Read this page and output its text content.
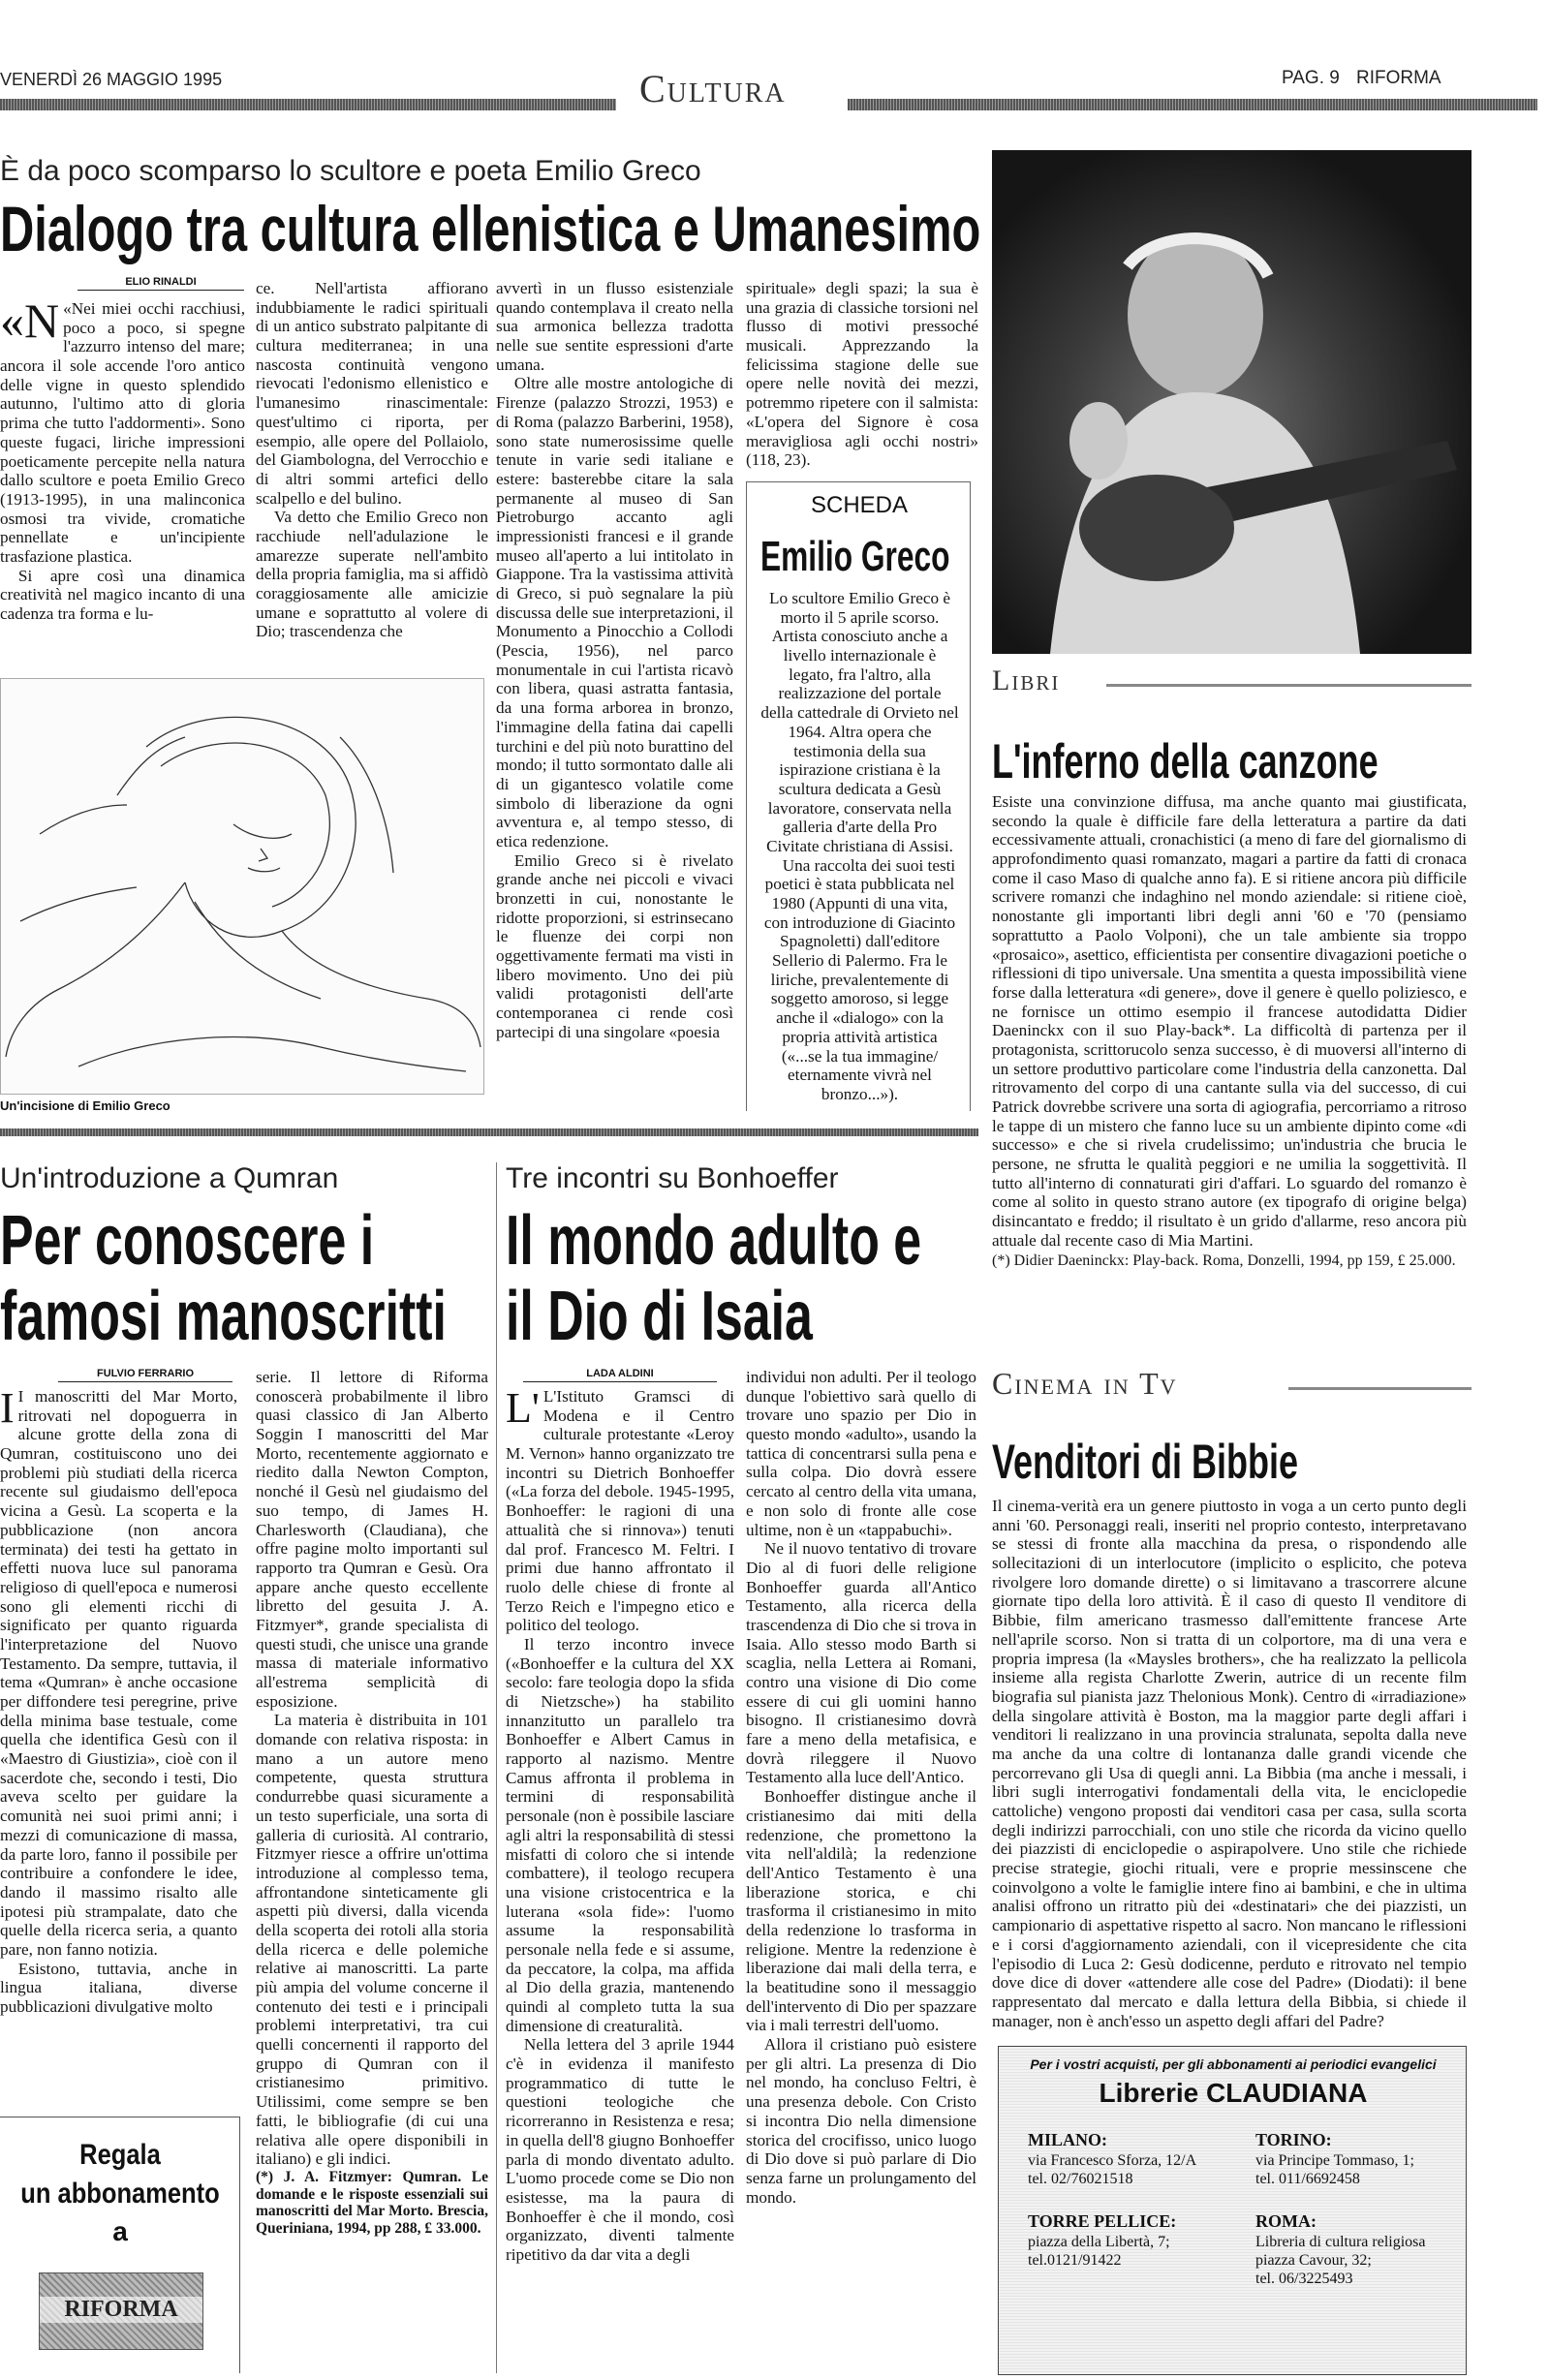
VENERDÌ 26 MAGGIO 1995	Cultura	PAG. 9 RIFORMA
È da poco scomparso lo scultore e poeta Emilio Greco
Dialogo tra cultura ellenistica e Umanesimo
ELIO RINALDI

«N «Nei miei occhi racchiusi, poco a poco, si spegne l'azzurro intenso del mare; ancora il sole accende l'oro antico delle vigne in questo splendido autunno, l'ultimo atto di gloria prima che tutto l'addormenti». Sono queste fugaci, liriche impressioni poeticamente percepite nella natura dallo scultore e poeta Emilio Greco (1913-1995), in una malinconica osmosi tra vivide, cromatiche pennellate e un'incipiente trasfazione plastica.

Si apre così una dinamica creatività nel magico incanto di una cadenza tra forma e lu-

ce. Nell'artista affiorano indubbiamente le radici spirituali di un antico substrato palpitante di cultura mediterranea; in una nascosta continuità vengono rievocati l'edonismo ellenistico e l'umanesimo rinascimentale: quest'ultimo ci riporta, per esempio, alle opere del Pollaiolo, del Giambologna, del Verrocchio e di altri sommi artefici dello scalpello e del bulino.

Va detto che Emilio Greco non racchiude nell'adulazione le amarezze superate nell'ambito della propria famiglia, ma si affidò coraggiosamente alle amicizie umane e soprattutto al volere di Dio; trascendenza che

avvertì in un flusso esistenziale quando contemplava il creato nella sua armonica bellezza tradotta nelle sue sentite espressioni d'arte umana.

Oltre alle mostre antologiche di Firenze (palazzo Strozzi, 1953) e di Roma (palazzo Barberini, 1958), sono state numerosissime quelle tenute in varie sedi italiane e estere: basterebbe citare la sala permanente al museo di San Pietroburgo accanto agli impressionisti francesi e il grande museo all'aperto a lui intitolato in Giappone. Tra la vastissima attività di Greco, si può segnalare la più discussa delle sue interpretazioni, il Monumento a Pinocchio a Collodi (Pescia, 1956), nel parco monumentale in cui l'artista ricavò con libera, quasi astratta fantasia, da una forma arborea in bronzo, l'immagine della fatina dai capelli turchini e del più noto burattino del mondo; il tutto sormontato dalle ali di un gigantesco volatile come simbolo di liberazione da ogni avventura e, al tempo stesso, di etica redenzione.

Emilio Greco si è rivelato grande anche nei piccoli e vivaci bronzetti in cui, nonostante le ridotte proporzioni, si estrinsecano le fluenze dei corpi non oggettivamente fermati ma visti in libero movimento. Uno dei più validi protagonisti dell'arte contemporanea ci rende così partecipi di una singolare «poesia

spirituale» degli spazi; la sua è una grazia di classiche torsioni nel flusso di motivi pressoché musicali. Apprezzando la felicissima stagione delle sue opere nelle novità dei mezzi, potremmo ripetere con il salmista: «L'opera del Signore è cosa meravigliosa agli occhi nostri» (118, 23).

Un'incisione di Emilio Greco
SCHEDA
Emilio Greco

Lo scultore Emilio Greco è morto il 5 aprile scorso. Artista conosciuto anche a livello internazionale è legato, fra l'altro, alla realizzazione del portale della cattedrale di Orvieto nel 1964. Altra opera che testimonia della sua ispirazione cristiana è la scultura dedicata a Gesù lavoratore, conservata nella galleria d'arte della Pro Civitate christiana di Assisi.

Una raccolta dei suoi testi poetici è stata pubblicata nel 1980 (Appunti di una vita, con introduzione di Giacinto Spagnoletti) dall'editore Sellerio di Palermo. Fra le liriche, prevalentemente di soggetto amoroso, si legge anche il «dialogo» con la propria attività artistica («...se la tua immagine/ eternamente vivrà nel bronzo...»).

Libri
L'inferno della canzone

Esiste una convinzione diffusa, ma anche quanto mai giustificata, secondo la quale è difficile fare della letteratura a partire da dati eccessivamente attuali, cronachistici (a meno di fare del giornalismo di approfondimento quasi romanzato, magari a partire da fatti di cronaca come il caso Maso di qualche anno fa). E si ritiene ancora più difficile scrivere romanzi che indaghino nel mondo aziendale: si ritiene cioè, nonostante gli importanti libri degli anni '60 e '70 (pensiamo soprattutto a Paolo Volponi), che un tale ambiente sia troppo «prosaico», asettico, efficientista per consentire divagazioni poetiche o riflessioni di tipo universale. Una smentita a questa impossibilità viene forse dalla letteratura «di genere», dove il genere è quello poliziesco, e ne fornisce un ottimo esempio il francese autodidatta Didier Daeninckx con il suo Play-back*. La difficoltà di partenza per il protagonista, scrittorucolo senza successo, è di muoversi all'interno di un settore produttivo particolare come l'industria della canzonetta. Dal ritrovamento del corpo di una cantante sulla via del successo, di cui Patrick dovrebbe scrivere una sorta di agiografia, percorriamo a ritroso le tappe di un mistero che fanno luce su un ambiente dipinto come «di successo» e che si rivela crudelissimo; un'industria che brucia le persone, ne sfrutta le qualità peggiori e ne umilia la soggettività. Il tutto all'interno di connaturati giri d'affari. Lo sguardo del romanzo è come al solito in questo strano autore (ex tipografo di origine belga) disincantato e freddo; il risultato è un grido d'allarme, reso ancora più attuale dal recente caso di Mia Martini.

(*) Didier Daeninckx: Play-back. Roma, Donzelli, 1994, pp 159, £ 25.000.

Un'introduzione a Qumran
Per conoscere i
famosi manoscritti
FULVIO FERRARIO

I I manoscritti del Mar Morto, ritrovati nel dopoguerra in alcune grotte della zona di Qumran, costituiscono uno dei problemi più studiati della ricerca recente sul giudaismo dell'epoca vicina a Gesù. La scoperta e la pubblicazione (non ancora terminata) dei testi ha gettato in effetti nuova luce sul panorama religioso di quell'epoca e numerosi sono gli elementi ricchi di significato per quanto riguarda l'interpretazione del Nuovo Testamento. Da sempre, tuttavia, il tema «Qumran» è anche occasione per diffondere tesi peregrine, prive della minima base testuale, come quella che identifica Gesù con il «Maestro di Giustizia», cioè con il sacerdote che, secondo i testi, Dio aveva scelto per guidare la comunità nei suoi primi anni; i mezzi di comunicazione di massa, da parte loro, fanno il possibile per contribuire a confondere le idee, dando il massimo risalto alle ipotesi più strampalate, dato che quelle della ricerca seria, a quanto pare, non fanno notizia.

Esistono, tuttavia, anche in lingua italiana, diverse pubblicazioni divulgative molto

serie. Il lettore di Riforma conoscerà probabilmente il libro quasi classico di Jan Alberto Soggin I manoscritti del Mar Morto, recentemente aggiornato e riedito dalla Newton Compton, nonché il Gesù nel giudaismo del suo tempo, di James H. Charlesworth (Claudiana), che offre pagine molto importanti sul rapporto tra Qumran e Gesù. Ora appare anche questo eccellente libretto del gesuita J. A. Fitzmyer*, grande specialista di questi studi, che unisce una grande massa di materiale informativo all'estrema semplicità di esposizione.

La materia è distribuita in 101 domande con relativa risposta: in mano a un autore meno competente, questa struttura condurrebbe quasi sicuramente a un testo superficiale, una sorta di galleria di curiosità. Al contrario, Fitzmyer riesce a offrire un'ottima introduzione al complesso tema, affrontandone sinteticamente gli aspetti più diversi, dalla vicenda della scoperta dei rotoli alla storia della ricerca e delle polemiche relative ai manoscritti. La parte più ampia del volume concerne il contenuto dei testi e i principali problemi interpretativi, tra cui quelli concernenti il rapporto del gruppo di Qumran con il cristianesimo primitivo. Utilissimi, come sempre se ben fatti, le bibliografie (di cui una relativa alle opere disponibili in italiano) e gli indici.

(*) J. A. Fitzmyer: Qumran. Le domande e le risposte essenziali sui manoscritti del Mar Morto. Brescia, Queriniana, 1994, pp 288, £ 33.000.

Regala
un abbonamento
a
RIFORMA
Tre incontri su Bonhoeffer
Il mondo adulto e
il Dio di Isaia
LADA ALDINI

L' L'Istituto Gramsci di Modena e il Centro culturale protestante «Leroy M. Vernon» hanno organizzato tre incontri su Dietrich Bonhoeffer («La forza del debole. 1945-1995, Bonhoeffer: le ragioni di una attualità che si rinnova») tenuti dal prof. Francesco M. Feltri. I primi due hanno affrontato il ruolo delle chiese di fronte al Terzo Reich e l'impegno etico e politico del teologo.

Il terzo incontro invece («Bonhoeffer e la cultura del XX secolo: fare teologia dopo la sfida di Nietzsche») ha stabilito innanzitutto un parallelo tra Bonhoeffer e Albert Camus in rapporto al nazismo. Mentre Camus affronta il problema in termini di responsabilità personale (non è possibile lasciare agli altri la responsabilità di stessi misfatti di coloro che si intende combattere), il teologo recupera una visione cristocentrica e la luterana «sola fide»: l'uomo assume la responsabilità personale nella fede e si assume, da peccatore, la colpa, ma affida al Dio della grazia, mantenendo quindi al completo tutta la sua dimensione di creaturalità.

Nella lettera del 3 aprile 1944 c'è in evidenza il manifesto programmatico di tutte le questioni teologiche che ricorreranno in Resistenza e resa; in quella dell'8 giugno Bonhoeffer parla di mondo diventato adulto. L'uomo procede come se Dio non esistesse, ma la paura di Bonhoeffer è che il mondo, così organizzato, diventi talmente ripetitivo da dar vita a degli

individui non adulti. Per il teologo dunque l'obiettivo sarà quello di trovare uno spazio per Dio in questo mondo «adulto», usando la tattica di concentrarsi sulla pena e sulla colpa. Dio dovrà essere cercato al centro della vita umana, e non solo di fronte alle cose ultime, non è un «tappabuchi».

Ne il nuovo tentativo di trovare Dio al di fuori delle religione Bonhoeffer guarda all'Antico Testamento, alla ricerca della trascendenza di Dio che si trova in Isaia. Allo stesso modo Barth si scaglia, nella Lettera ai Romani, contro una visione di Dio come essere di cui gli uomini hanno bisogno. Il cristianesimo dovrà fare a meno della metafisica, e dovrà rileggere il Nuovo Testamento alla luce dell'Antico.

Bonhoeffer distingue anche il cristianesimo dai miti della redenzione, che promettono la vita nell'aldilà; la redenzione dell'Antico Testamento è una liberazione storica, e chi trasforma il cristianesimo in mito della redenzione lo trasforma in religione. Mentre la redenzione è liberazione dai mali della terra, e la beatitudine sono il messaggio dell'intervento di Dio per spazzare via i mali terrestri dell'uomo.

Allora il cristiano può esistere per gli altri. La presenza di Dio nel mondo, ha concluso Feltri, è una presenza debole. Con Cristo si incontra Dio nella dimensione storica del crocifisso, unico luogo di Dio dove si può parlare di Dio senza farne un prolungamento del mondo.

Cinema in Tv
Venditori di Bibbie

Il cinema-verità era un genere piuttosto in voga a un certo punto degli anni '60. Personaggi reali, inseriti nel proprio contesto, interpretavano se stessi di fronte alla macchina da presa, o rispondendo alle sollecitazioni di un interlocutore (implicito o esplicito, che poteva rivolgere loro domande dirette) o si limitavano a trascorrere alcune giornate tipo della loro attività. È il caso di questo Il venditore di Bibbie, film americano trasmesso dall'emittente francese Arte nell'aprile scorso. Non si tratta di un colportore, ma di una vera e propria impresa (la «Maysles brothers», che ha realizzato la pellicola insieme alla regista Charlotte Zwerin, autrice di un recente film biografia sul pianista jazz Thelonious Monk). Centro di «irradiazione» della singolare attività è Boston, ma la maggior parte degli affari i venditori li realizzano in una provincia stralunata, sepolta dalla neve ma anche da una coltre di lontananza dalle grandi vicende che percorrevano gli Usa di quegli anni. La Bibbia (ma anche i messali, i libri sugli interrogativi fondamentali della vita, le enciclopedie cattoliche) vengono proposti dai venditori casa per casa, sulla scorta degli indirizzi parrocchiali, con uno stile che ricorda da vicino quello dei piazzisti di enciclopedie o aspirapolvere. Uno stile che richiede precise strategie, giochi rituali, vere e proprie messinscene che coinvolgono a volte le famiglie intere fino ai bambini, e che in ultima analisi offrono un ritratto più dei «destinatari» che dei piazzisti, un campionario di aspettative rispetto al sacro. Non mancano le riflessioni e i corsi d'aggiornamento aziendali, con il vicepresidente che cita l'episodio di Luca 2: Gesù dodicenne, perduto e ritrovato nel tempio dove dice di dover «attendere alle cose del Padre» (Diodati): il bene rappresentato dal mercato e dalla lettura della Bibbia, si chiede il manager, non è anch'esso un aspetto degli affari del Padre?

Per i vostri acquisti, per gli abbonamenti ai periodici evangelici
Librerie CLAUDIANA
MILANO:
via Francesco Sforza, 12/A
tel. 02/76021518
TORINO:
via Principe Tommaso, 1;
tel. 011/6692458
TORRE PELLICE:
piazza della Libertà, 7;
tel.0121/91422
ROMA:
Libreria di cultura religiosa piazza Cavour, 32;
tel. 06/3225493
